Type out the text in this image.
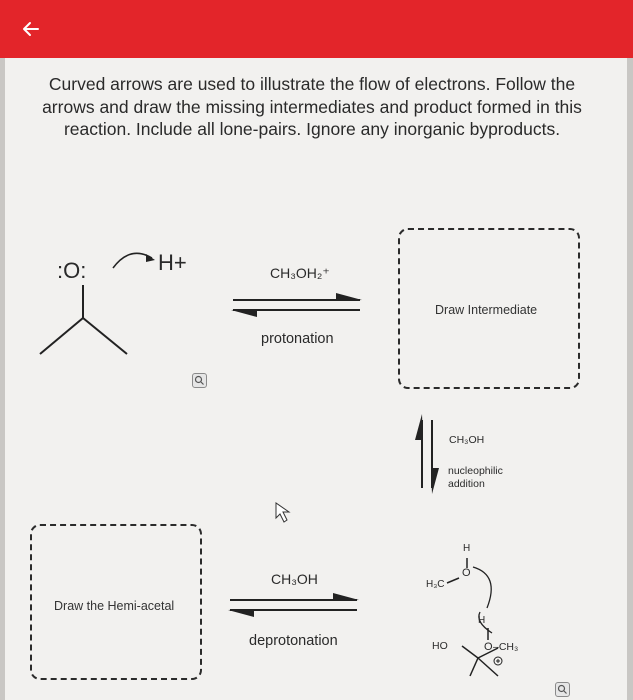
Curved arrows are used to illustrate the flow of electrons. Follow the arrows and draw the missing intermediates and product formed in this reaction. Include all lone-pairs. Ignore any inorganic byproducts.
:O:	H+	CH₃OH₂⁺
protonation
Draw Intermediate
CH₃OH
nucleophilic addition
CH₃OH
deprotonation
Draw the Hemi-acetal
H
O
H₃C
H
HO	O –CH₃
